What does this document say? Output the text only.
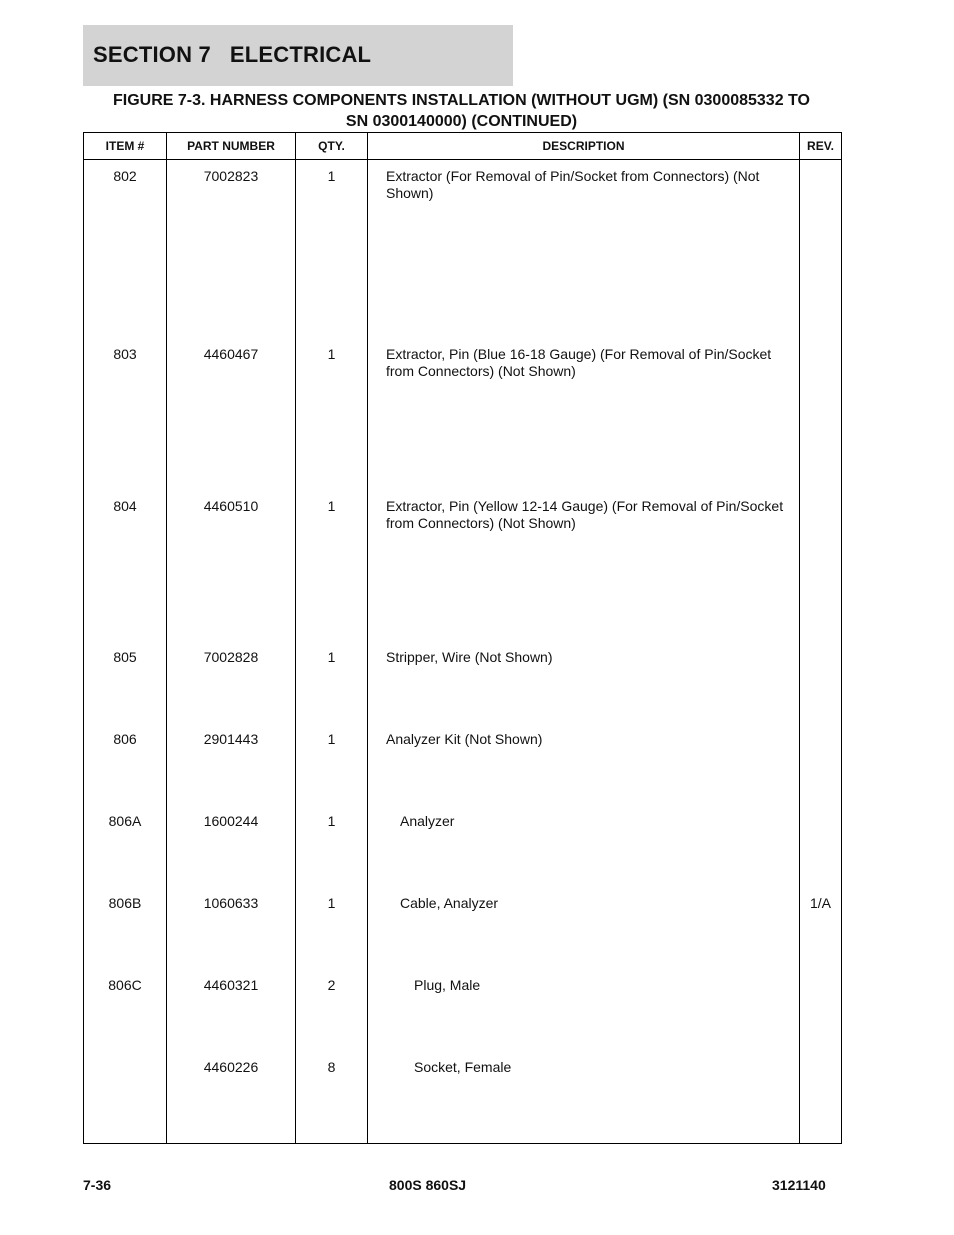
SECTION 7   ELECTRICAL
FIGURE 7-3. HARNESS COMPONENTS INSTALLATION (WITHOUT UGM) (SN 0300085332 TO
SN 0300140000) (CONTINUED)
ITEM #	PART NUMBER	QTY.	DESCRIPTION	REV.
802	7002823	1	Extractor (For Removal of Pin/Socket from Connectors) (Not Shown)	
803	4460467	1	Extractor, Pin (Blue 16-18 Gauge) (For Removal of Pin/Socket from Connectors) (Not Shown)	
804	4460510	1	Extractor, Pin (Yellow 12-14 Gauge) (For Removal of Pin/Socket from Connectors) (Not Shown)	
805	7002828	1	Stripper, Wire (Not Shown)	
806	2901443	1	Analyzer Kit (Not Shown)	
806A	1600244	1	Analyzer	
806B	1060633	1	Cable, Analyzer	1/A
806C	4460321	2	Plug, Male	
	4460226	8	Socket, Female	

7-36	800S 860SJ	3121140
